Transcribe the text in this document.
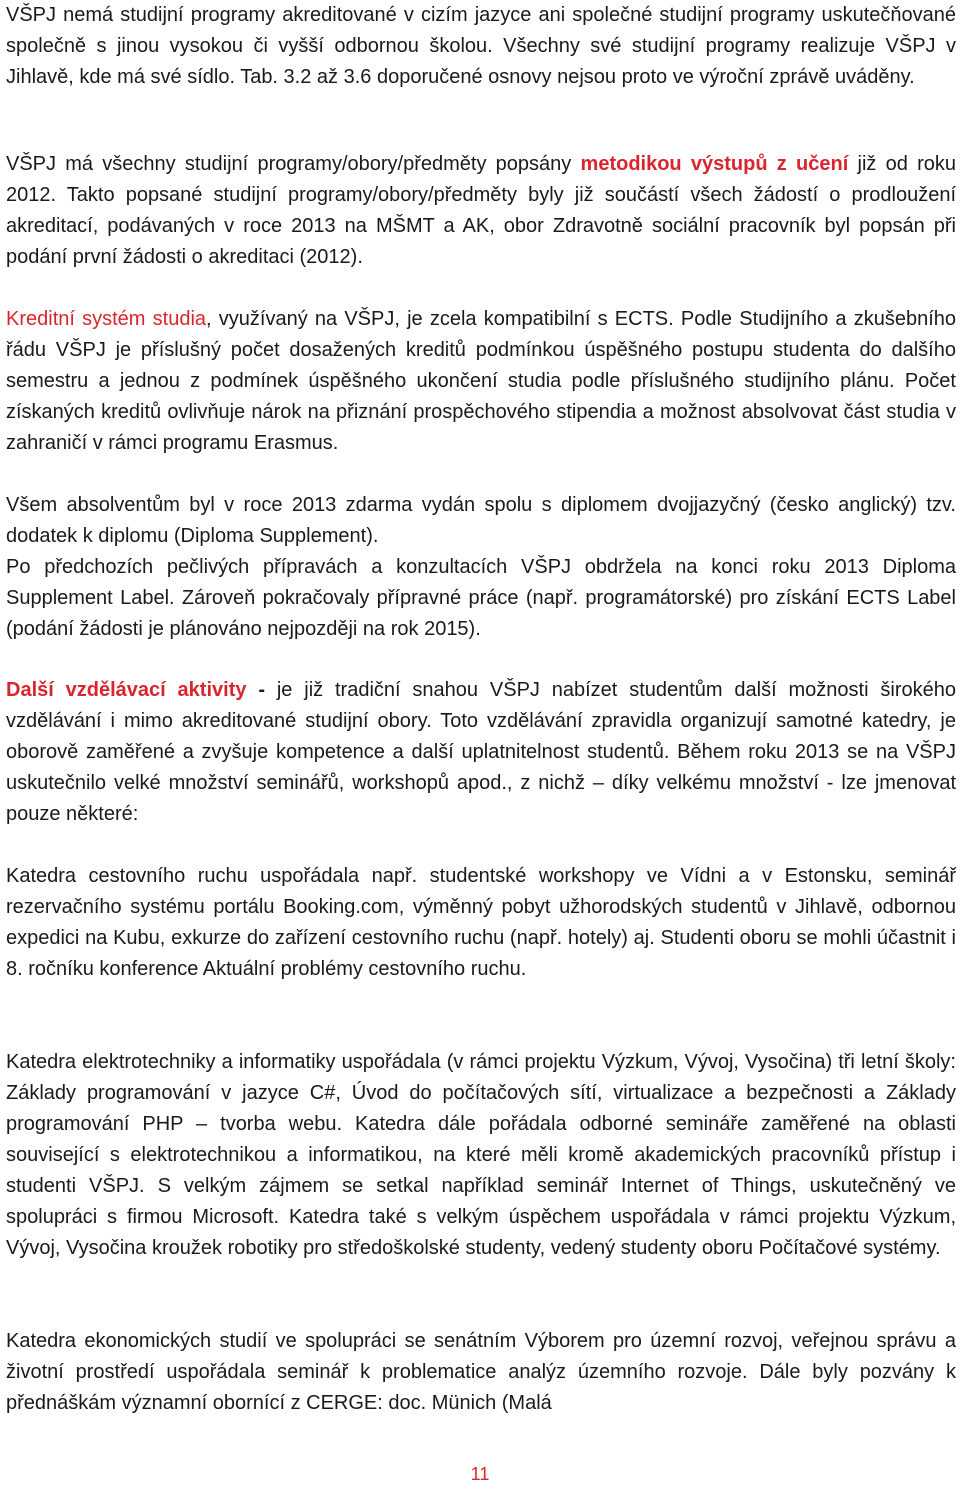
VŠPJ nemá studijní programy akreditované v cizím jazyce ani společné studijní programy uskutečňované společně s jinou vysokou či vyšší odbornou školou. Všechny své studijní programy realizuje VŠPJ v Jihlavě, kde má své sídlo. Tab. 3.2 až 3.6 doporučené osnovy nejsou proto ve výroční zprávě uváděny.

VŠPJ má všechny studijní programy/obory/předměty popsány metodikou výstupů z učení již od roku 2012. Takto popsané studijní programy/obory/předměty byly již součástí všech žádostí o prodloužení akreditací, podávaných v roce 2013 na MŠMT a AK, obor Zdravotně sociální pracovník byl popsán při podání první žádosti o akreditaci (2012).

Kreditní systém studia, využívaný na VŠPJ, je zcela kompatibilní s ECTS. Podle Studijního a zkušebního řádu VŠPJ je příslušný počet dosažených kreditů podmínkou úspěšného postupu studenta do dalšího semestru a jednou z podmínek úspěšného ukončení studia podle příslušného studijního plánu. Počet získaných kreditů ovlivňuje nárok na přiznání prospěchového stipendia a možnost absolvovat část studia v zahraničí v rámci programu Erasmus.

Všem absolventům byl v roce 2013 zdarma vydán spolu s diplomem dvojjazyčný (česko anglický) tzv. dodatek k diplomu (Diploma Supplement).

Po předchozích pečlivých přípravách a konzultacích VŠPJ obdržela na konci roku 2013 Diploma Supplement Label. Zároveň pokračovaly přípravné práce (např. programátorské) pro získání ECTS Label (podání žádosti je plánováno nejpozději na rok 2015).

Další vzdělávací aktivity - je již tradiční snahou VŠPJ nabízet studentům další možnosti širokého vzdělávání i mimo akreditované studijní obory. Toto vzdělávání zpravidla organizují samotné katedry, je oborově zaměřené a zvyšuje kompetence a další uplatnitelnost studentů. Během roku 2013 se na VŠPJ uskutečnilo velké množství seminářů, workshopů apod., z nichž – díky velkému množství - lze jmenovat pouze některé:

Katedra cestovního ruchu uspořádala např. studentské workshopy ve Vídni a v Estonsku, seminář rezervačního systému portálu Booking.com, výměnný pobyt užhorodských studentů v Jihlavě, odbornou expedici na Kubu, exkurze do zařízení cestovního ruchu (např. hotely) aj. Studenti oboru se mohli účastnit i 8. ročníku konference Aktuální problémy cestovního ruchu.

Katedra elektrotechniky a informatiky uspořádala (v rámci projektu Výzkum, Vývoj, Vysočina) tři letní školy: Základy programování v jazyce C#, Úvod do počítačových sítí, virtualizace a bezpečnosti a Základy programování PHP – tvorba webu. Katedra dále pořádala odborné semináře zaměřené na oblasti související s elektrotechnikou a informatikou, na které měli kromě akademických pracovníků přístup i studenti VŠPJ. S velkým zájmem se setkal například seminář Internet of Things, uskutečněný ve spolupráci s firmou Microsoft. Katedra také s velkým úspěchem uspořádala v rámci projektu Výzkum, Vývoj, Vysočina kroužek robotiky pro středoškolské studenty, vedený studenty oboru Počítačové systémy.

Katedra ekonomických studií ve spolupráci se senátním Výborem pro územní rozvoj, veřejnou správu a životní prostředí uspořádala seminář k problematice analýz územního rozvoje. Dále byly pozvány k přednáškám významní obornící z CERGE: doc. Münich (Malá

11
